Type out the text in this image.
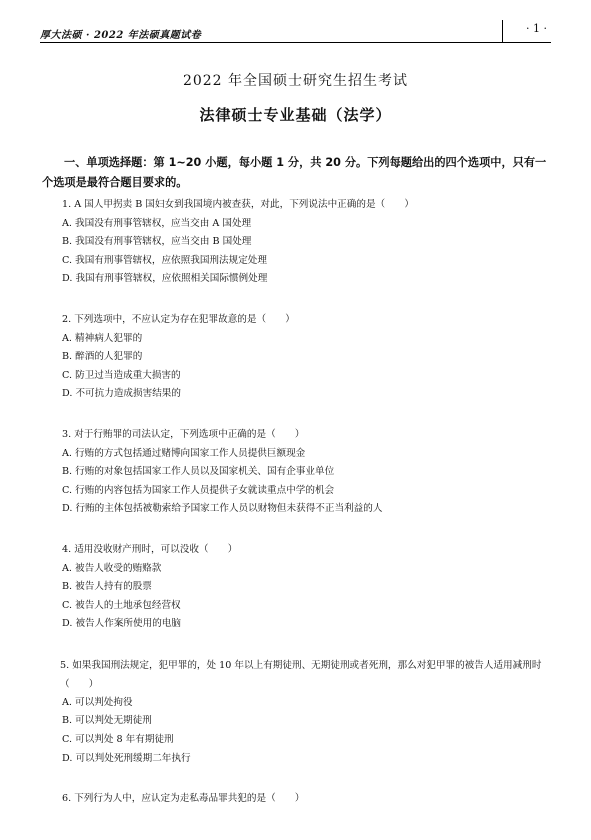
厚大法硕 · 2022 年法硕真题试卷
· 1 ·
2022 年全国硕士研究生招生考试
法律硕士专业基础（法学）
一、单项选择题：第 1~20 小题，每小题 1 分，共 20 分。下列每题给出的四个选项中，只有一个选项是最符合题目要求的。

1. A 国人甲拐卖 B 国妇女到我国境内被查获，对此，下列说法中正确的是（　　）

A. 我国没有刑事管辖权，应当交由 A 国处理

B. 我国没有刑事管辖权，应当交由 B 国处理

C. 我国有刑事管辖权，应依照我国刑法规定处理

D. 我国有刑事管辖权，应依照相关国际惯例处理

2. 下列选项中，不应认定为存在犯罪故意的是（　　）

A. 精神病人犯罪的

B. 醉酒的人犯罪的

C. 防卫过当造成重大损害的

D. 不可抗力造成损害结果的

3. 对于行贿罪的司法认定，下列选项中正确的是（　　）

A. 行贿的方式包括通过赌博向国家工作人员提供巨额现金

B. 行贿的对象包括国家工作人员以及国家机关、国有企事业单位

C. 行贿的内容包括为国家工作人员提供子女就读重点中学的机会

D. 行贿的主体包括被勒索给予国家工作人员以财物但未获得不正当利益的人

4. 适用没收财产刑时，可以没收（　　）

A. 被告人收受的贿赂款

B. 被告人持有的股票

C. 被告人的土地承包经营权

D. 被告人作案所使用的电脑

5. 如果我国刑法规定，犯甲罪的，处 10 年以上有期徒刑、无期徒刑或者死刑，那么对犯甲罪的被告人适用减刑时（　　）

A. 可以判处拘役

B. 可以判处无期徒刑

C. 可以判处 8 年有期徒刑

D. 可以判处死刑缓期二年执行

6. 下列行为人中，应认定为走私毒品罪共犯的是（　　）
